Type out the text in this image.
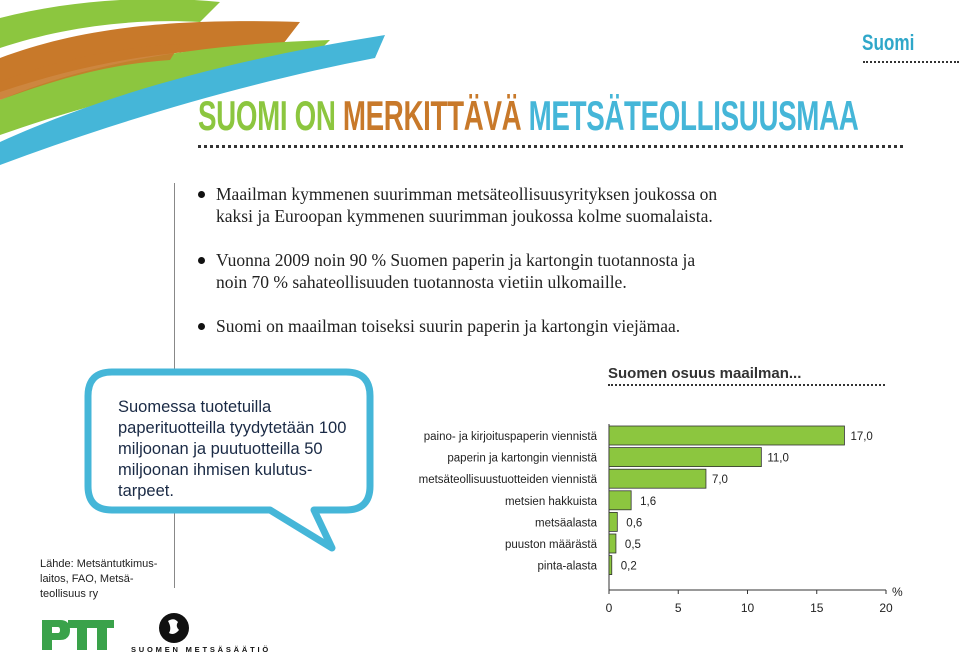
Suomi
SUOMI ON MERKITTÄVÄ METSÄTEOLLISUUSMAA
Maailman kymmenen suurimman metsäteollisuusyrityksen joukossa on
kaksi ja Euroopan kymmenen suurimman joukossa kolme suomalaista.
Vuonna 2009 noin 90 % Suomen paperin ja kartongin tuotannosta ja
noin 70 % sahateollisuuden tuotannosta vietiin ulkomaille.
Suomi on maailman toiseksi suurin paperin ja kartongin viejämaa.
Suomessa tuotetuilla paperituotteilla tyydytetään 100 miljoonan ja puutuotteilla 50 miljoonan ihmisen kulutus-tarpeet.
Lähde: Metsäntutkimus-
laitos, FAO, Metsä-
teollisuus ry
SUOMEN METSÄSÄÄTIÖ
Suomen osuus maailman...
paino- ja kirjoituspaperin viennistä	17,0
paperin ja kartongin viennistä	11,0
metsäteollisuustuotteiden viennistä	7,0
metsien hakkuista	1,6
metsäalasta	0,6
puuston määrästä 0,5
pinta-alasta 0,2
0	5	10	15	20
%
